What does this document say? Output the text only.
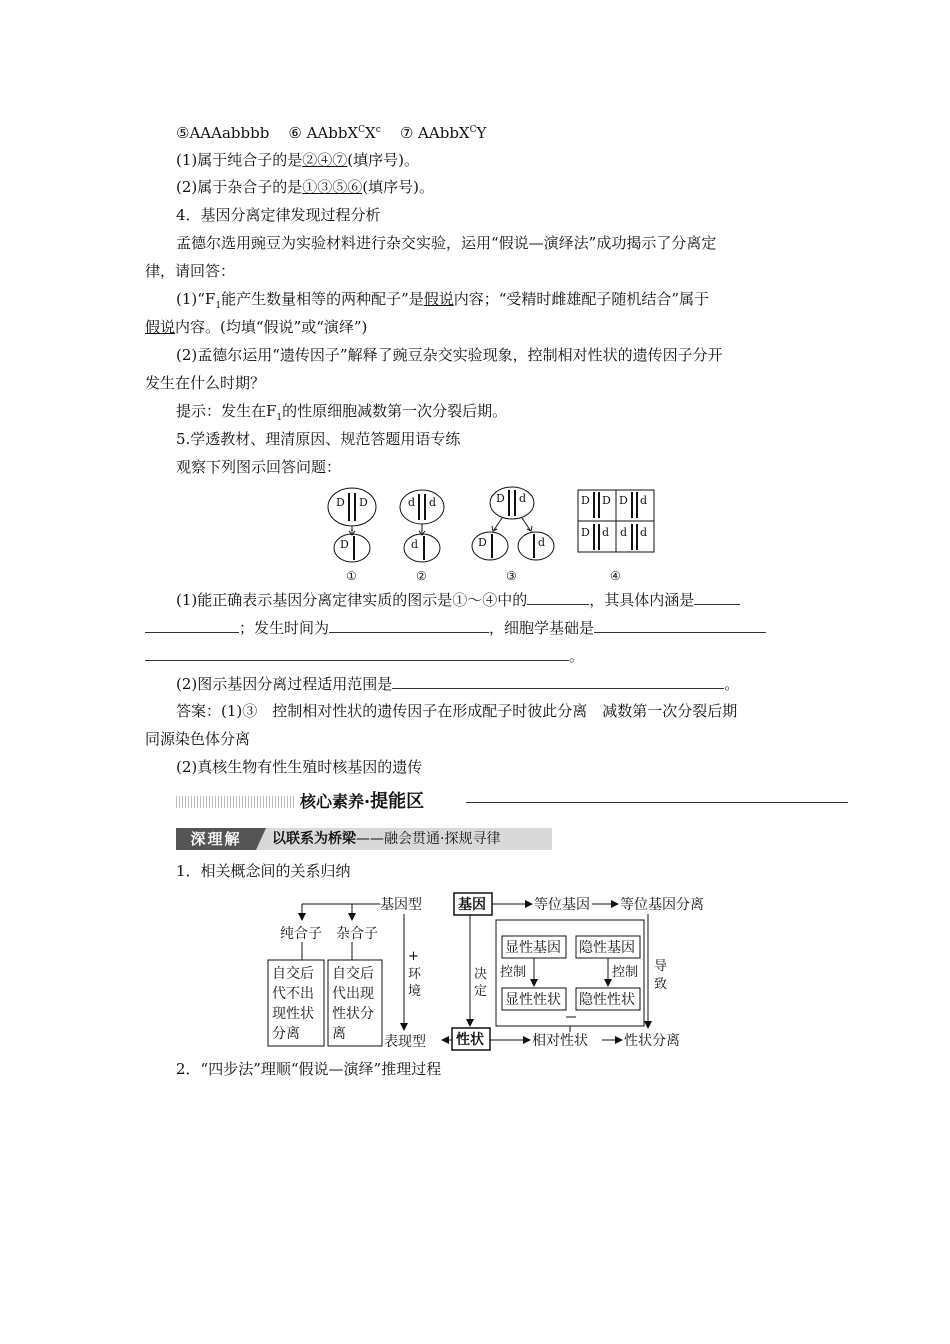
⑤AAAabbbb ⑥ $AAbbX^CX^c$ ⑦ AAbbX$^C$Y
(1)属于纯合子的是②④⑦(填序号)。
(2)属于杂合子的是①③⑤⑥(填序号)。
4．基因分离定律发现过程分析
孟德尔选用豌豆为实验材料进行杂交实验，运用“假说—演绎法”成功揭示了分离定
律，请回答：
$(1)“F_1$能产生数量相等的两种配子”是假说内容；“受精时雌雄配子随机结合”属于
假说内容。(均填“假说”或“演绎”)
(2)孟德尔运用“遗传因子”解释了豌豆杂交实验现象，控制相对性状的遗传因子分开
发生在什么时期？
提示：发生在$F_1$的性原细胞减数第一次分裂后期。
5.学透教材、理清原因、规范答题用语专练
观察下列图示回答问题：
D D
D
①
d d
d
②
D d
D	d
③
D D D d
D d d d
④
(1)能正确表示基因分离定律实质的图示是①～④中的	，其具体内涵是
；发生时间为	，细胞学基础是
。
(2)图示基因分离过程适用范围是	。
答案：(1)③　控制相对性状的遗传因子在形成配子时彼此分离　减数第一次分裂后期
同源染色体分离
(2)真核生物有性生殖时核基因的遗传
核心素养·提能区
深理解	以联系为桥梁——融会贯通·探规寻律
1．相关概念间的关系归纳
基因型	基因	等位基因 等位基因分离
纯合子 杂合子
自交后
代不出
现性状
分离
自交后
代出现
性状分
离
+
环
境
表现型
决
定
性状
显性基因 隐性基因
控制	控制
显性性状 隐性性状
导
致
相对性状	性状分离
2．“四步法”理顺“假说—演绎”推理过程
